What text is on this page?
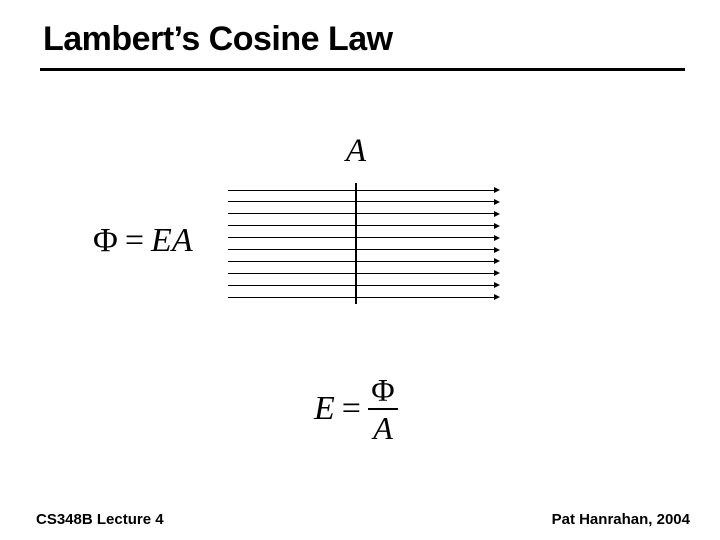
Lambert’s Cosine Law
A
Φ = EA
$E = \frac{\Phi}{A}$
CS348B Lecture 4	Pat Hanrahan, 2004
